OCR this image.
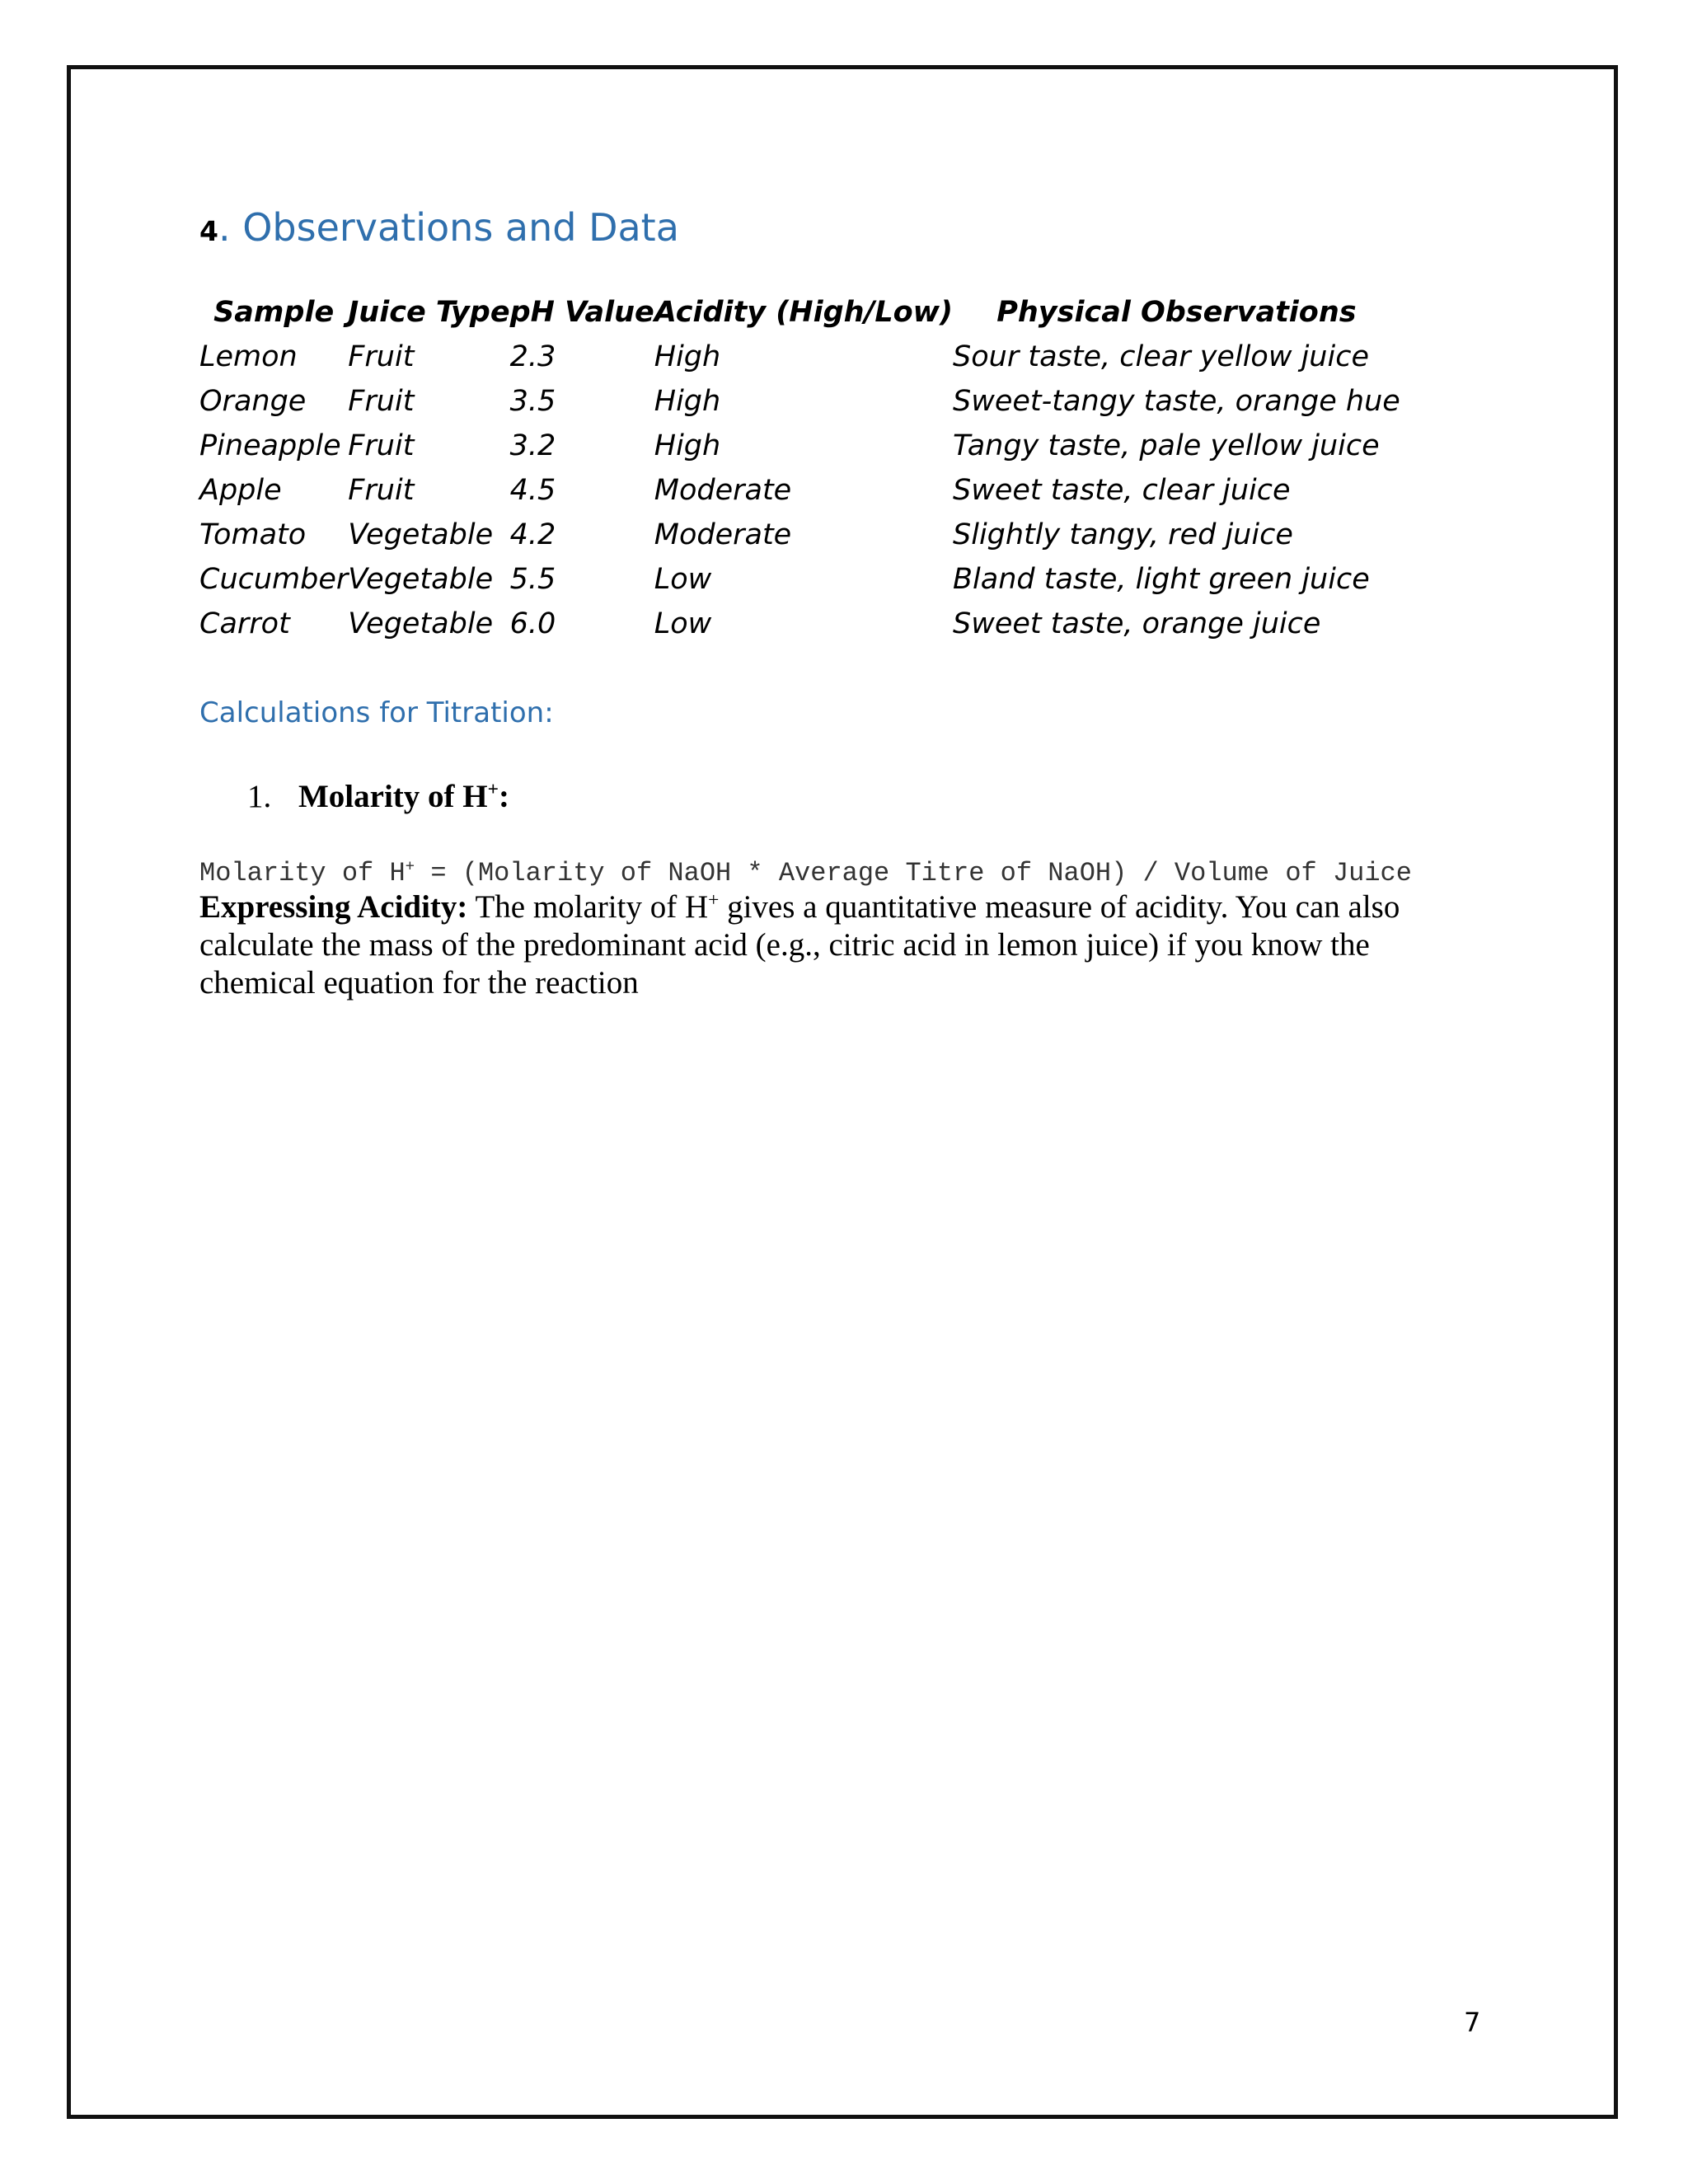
4. Observations and Data
Sample	Juice Type	pH Value	Acidity (High/Low)	Physical Observations
Lemon	Fruit	2.3	High	Sour taste, clear yellow juice
Orange	Fruit	3.5	High	Sweet-tangy taste, orange hue
Pineapple	Fruit	3.2	High	Tangy taste, pale yellow juice
Apple	Fruit	4.5	Moderate	Sweet taste, clear juice
Tomato	Vegetable	4.2	Moderate	Slightly tangy, red juice
Cucumber	Vegetable	5.5	Low	Bland taste, light green juice
Carrot	Vegetable	6.0	Low	Sweet taste, orange juice
Calculations for Titration:
1. Molarity of H+:
Molarity of H+ = (Molarity of NaOH * Average Titre of NaOH) / Volume of Juice
Expressing Acidity: The molarity of H+ gives a quantitative measure of acidity. You can also calculate the mass of the predominant acid (e.g., citric acid in lemon juice) if you know the chemical equation for the reaction
7
